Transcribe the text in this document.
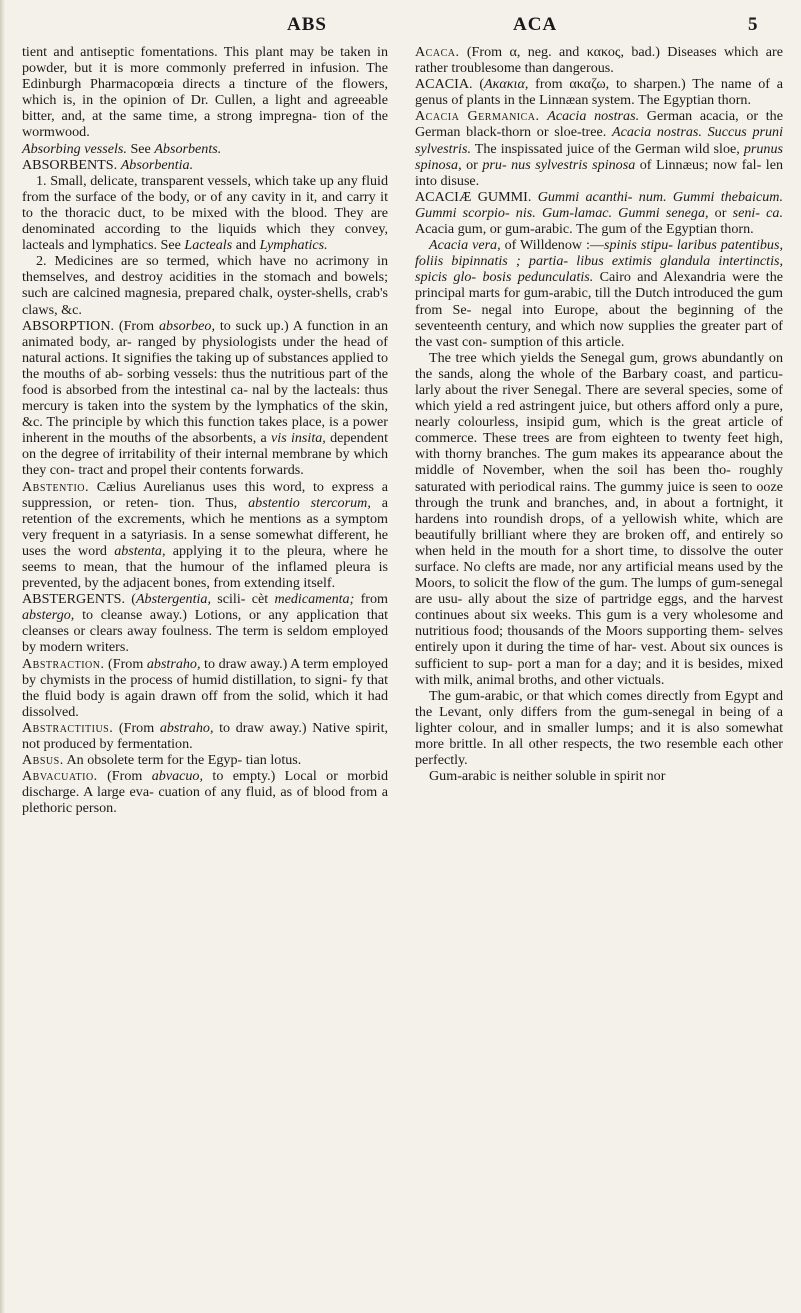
ABS	ACA	5

tient and antiseptic fomentations. This plant may be taken in powder, but it is more commonly preferred in infusion. The Edinburgh Pharmacopœia directs a tincture of the flowers, which is, in the opinion of Dr. Cullen, a light and agreeable bitter, and, at the same time, a strong impregna- tion of the wormwood.

Absorbing vessels. See Absorbents.

ABSORBENTS. Absorbentia.

1. Small, delicate, transparent vessels, which take up any fluid from the surface of the body, or of any cavity in it, and carry it to the thoracic duct, to be mixed with the blood. They are denominated according to the liquids which they convey, lacteals and lymphatics. See Lacteals and Lymphatics.

2. Medicines are so termed, which have no acrimony in themselves, and destroy acidities in the stomach and bowels; such are calcined magnesia, prepared chalk, oyster-shells, crab's claws, &c.

ABSORPTION. (From absorbeo, to suck up.) A function in an animated body, ar- ranged by physiologists under the head of natural actions. It signifies the taking up of substances applied to the mouths of ab- sorbing vessels: thus the nutritious part of the food is absorbed from the intestinal ca- nal by the lacteals: thus mercury is taken into the system by the lymphatics of the skin, &c. The principle by which this function takes place, is a power inherent in the mouths of the absorbents, a vis insita, dependent on the degree of irritability of their internal membrane by which they con- tract and propel their contents forwards.

Abstentio. Cælius Aurelianus uses this word, to express a suppression, or reten- tion. Thus, abstentio stercorum, a retention of the excrements, which he mentions as a symptom very frequent in a satyriasis. In a sense somewhat different, he uses the word abstenta, applying it to the pleura, where he seems to mean, that the humour of the inflamed pleura is prevented, by the adjacent bones, from extending itself.

ABSTERGENTS. (Abstergentia, scili- cèt medicamenta; from abstergo, to cleanse away.) Lotions, or any application that cleanses or clears away foulness. The term is seldom employed by modern writers.

Abstraction. (From abstraho, to draw away.) A term employed by chymists in the process of humid distillation, to signi- fy that the fluid body is again drawn off from the solid, which it had dissolved.

Abstractitius. (From abstraho, to draw away.) Native spirit, not produced by fermentation.

Absus. An obsolete term for the Egyp- tian lotus.

Abvacuatio. (From abvacuo, to empty.) Local or morbid discharge. A large eva- cuation of any fluid, as of blood from a plethoric person.

Acaca. (From α, neg. and κακος, bad.) Diseases which are rather troublesome than dangerous.

ACACIA. (Ακακια, from ακαζω, to sharpen.) The name of a genus of plants in the Linnæan system. The Egyptian thorn.

Acacia Germanica. Acacia nostras. German acacia, or the German black-thorn or sloe-tree. Acacia nostras. Succus pruni sylvestris. The inspissated juice of the German wild sloe, prunus spinosa, or pru- nus sylvestris spinosa of Linnæus; now fal- len into disuse.

ACACIÆ GUMMI. Gummi acanthi- num. Gummi thebaicum. Gummi scorpio- nis. Gum-lamac. Gummi senega, or seni- ca. Acacia gum, or gum-arabic. The gum of the Egyptian thorn.

Acacia vera, of Willdenow :—spinis stipu- laribus patentibus, foliis bipinnatis ; partia- libus extimis glandula intertinctis, spicis glo- bosis pedunculatis. Cairo and Alexandria were the principal marts for gum-arabic, till the Dutch introduced the gum from Se- negal into Europe, about the beginning of the seventeenth century, and which now supplies the greater part of the vast con- sumption of this article.

The tree which yields the Senegal gum, grows abundantly on the sands, along the whole of the Barbary coast, and particu- larly about the river Senegal. There are several species, some of which yield a red astringent juice, but others afford only a pure, nearly colourless, insipid gum, which is the great article of commerce. These trees are from eighteen to twenty feet high, with thorny branches. The gum makes its appearance about the middle of November, when the soil has been tho- roughly saturated with periodical rains. The gummy juice is seen to ooze through the trunk and branches, and, in about a fortnight, it hardens into roundish drops, of a yellowish white, which are beautifully brilliant where they are broken off, and entirely so when held in the mouth for a short time, to dissolve the outer surface. No clefts are made, nor any artificial means used by the Moors, to solicit the flow of the gum. The lumps of gum-senegal are usu- ally about the size of partridge eggs, and the harvest continues about six weeks. This gum is a very wholesome and nutritious food; thousands of the Moors supporting them- selves entirely upon it during the time of har- vest. About six ounces is sufficient to sup- port a man for a day; and it is besides, mixed with milk, animal broths, and other victuals.

The gum-arabic, or that which comes directly from Egypt and the Levant, only differs from the gum-senegal in being of a lighter colour, and in smaller lumps; and it is also somewhat more brittle. In all other respects, the two resemble each other perfectly.

Gum-arabic is neither soluble in spirit nor
